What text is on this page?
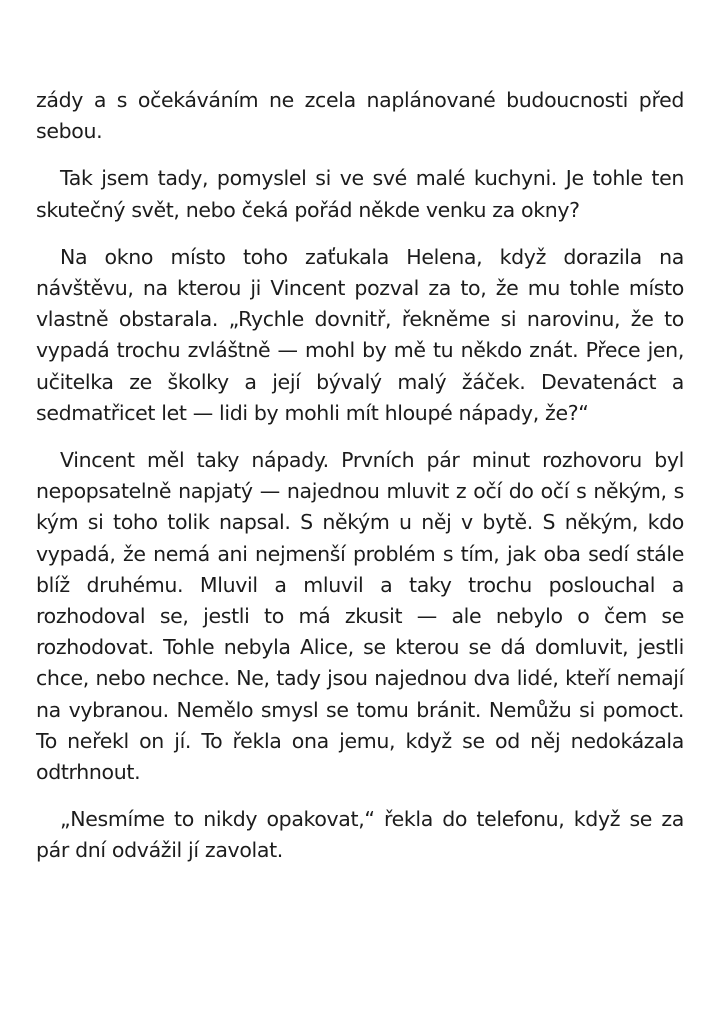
zády a s očekáváním ne zcela naplánované budoucnosti před sebou.

Tak jsem tady, pomyslel si ve své malé kuchyni. Je tohle ten skutečný svět, nebo čeká pořád někde venku za okny?

Na okno místo toho zaťukala Helena, když dorazila na návštěvu, na kterou ji Vincent pozval za to, že mu tohle místo vlastně obstarala. „Rychle dovnitř, řekněme si narovinu, že to vypadá trochu zvláštně — mohl by mě tu někdo znát. Přece jen, učitelka ze školky a její bývalý malý žáček. Devatenáct a sedmatřicet let — lidi by mohli mít hloupé nápady, že?“

Vincent měl taky nápady. Prvních pár minut rozhovoru byl nepopsatelně napjatý — najednou mluvit z očí do očí s někým, s kým si toho tolik napsal. S někým u něj v bytě. S někým, kdo vypadá, že nemá ani nejmenší problém s tím, jak oba sedí stále blíž druhému. Mluvil a mluvil a taky trochu poslouchal a rozhodoval se, jestli to má zkusit — ale nebylo o čem se rozhodovat. Tohle nebyla Alice, se kterou se dá domluvit, jestli chce, nebo nechce. Ne, tady jsou najednou dva lidé, kteří nemají na vybranou. Nemělo smysl se tomu bránit. Nemůžu si pomoct. To neřekl on jí. To řekla ona jemu, když se od něj nedokázala odtrhnout.

„Nesmíme to nikdy opakovat,“ řekla do telefonu, když se za pár dní odvážil jí zavolat.
